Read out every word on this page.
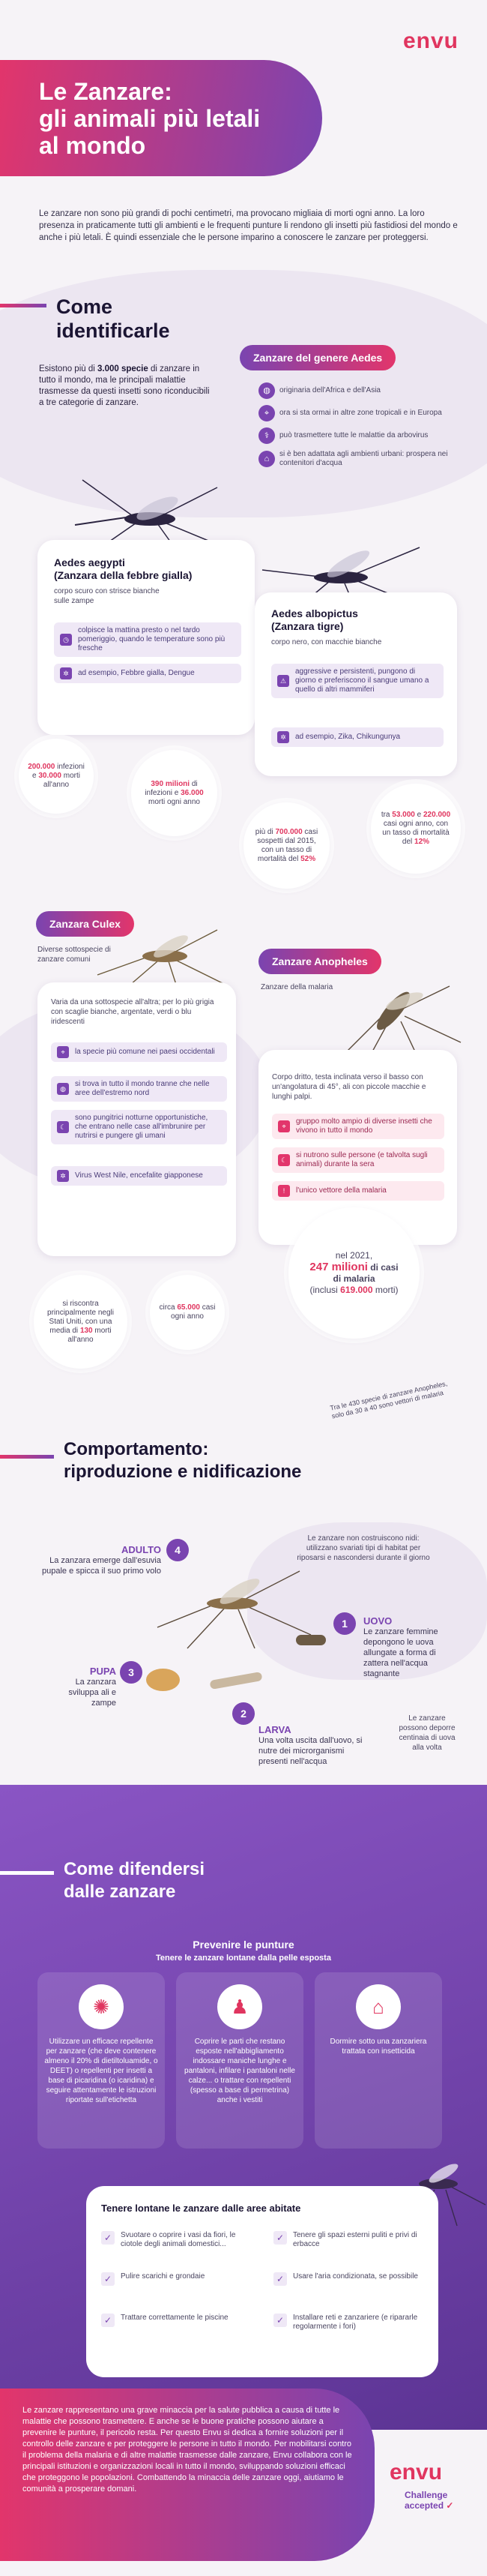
envu
Le Zanzare:
gli animali più letali
al mondo

Le zanzare non sono più grandi di pochi centimetri, ma provocano migliaia di morti ogni anno. La loro presenza in praticamente tutti gli ambienti e le frequenti punture li rendono gli insetti più fastidiosi del mondo e anche i più letali. È quindi essenziale che le persone imparino a conoscere le zanzare per proteggersi.

Come
identificarle

Esistono più di 3.000 specie di zanzare in tutto il mondo, ma le principali malattie trasmesse da questi insetti sono riconducibili a tre categorie di zanzare.

Zanzare del genere Aedes
◍	originaria dell'Africa e dell'Asia
⌖	ora si sta ormai in altre zone tropicali e in Europa
⚕	può trasmettere tutte le malattie da arbovirus
⌂
si è ben adattata agli ambienti urbani: prospera nei contenitori d'acqua
Aedes aegypti
(Zanzara della febbre gialla)
corpo scuro con strisce bianche sulle zampe
◷
colpisce la mattina presto o nel tardo pomeriggio, quando le temperature sono più fresche
✲	ad esempio, Febbre gialla, Dengue
200.000 infezioni e 30.000 morti all'anno	390 milioni di infezioni e 36.000 morti ogni anno
Aedes albopictus
(Zanzara tigre)
corpo nero, con macchie bianche
⚠
aggressive e persistenti, pungono di giorno e preferiscono il sangue umano a quello di altri mammiferi
✲	ad esempio, Zika, Chikungunya
più di 700.000 casi sospetti dal 2015, con un tasso di mortalità del 52%
tra 53.000 e 220.000 casi ogni anno, con un tasso di mortalità del 12%
Zanzara Culex
Diverse sottospecie di zanzare comuni
Varia da una sottospecie all'altra; per lo più grigia con scaglie bianche, argentate, verdi o blu iridescenti
⌖	la specie più comune nei paesi occidentali
◍
si trova in tutto il mondo tranne che nelle aree dell'estremo nord
☾
sono pungitrici notturne opportunistiche, che entrano nelle case all'imbrunire per nutrirsi e pungere gli umani
✲	Virus West Nile, encefalite giapponese
si riscontra principalmente negli Stati Uniti, con una media di 130 morti all'anno
circa 65.000 casi ogni anno
Zanzare Anopheles
Zanzare della malaria
Corpo dritto, testa inclinata verso il basso con un'angolatura di 45°, ali con piccole macchie e lunghi palpi.
⌖
gruppo molto ampio di diverse insetti che vivono in tutto il mondo
☾
si nutrono sulle persone (e talvolta sugli animali) durante la sera
!	l'unico vettore della malaria
nel 2021,
247 milioni di casi
di malaria
(inclusi 619.000 morti)
Tra le 430 specie di zanzare Anopheles, solo da 30 a 40 sono vettori di malaria
Comportamento:
riproduzione e nidificazione
Le zanzare non costruiscono nidi: utilizzano svariati tipi di habitat per riposarsi e nascondersi durante il giorno
4
ADULTO
La zanzara emerge dall'esuvia pupale e spiccа il suo primo volo
1	UOVO
Le zanzare femmine depongono le uova allungate a forma di zattera nell'acqua stagnante
3
PUPA
La zanzara sviluppa ali e zampe
2
LARVA
Una volta uscita dall'uovo, si nutre dei microrganismi presenti nell'acqua
Le zanzare possono deporre centinaia di uova alla volta
Come difendersi
dalle zanzare
Prevenire le punture
Tenere le zanzare lontane dalla pelle esposta
✺
Utilizzare un efficace repellente per zanzare (che deve contenere almeno il 20% di dietiltoluamide, o DEET) o repellenti per insetti a base di picaridina (o icaridina) e seguire attentamente le istruzioni riportate sull'etichetta
♟
Coprire le parti che restano esposte nell'abbigliamento indossare maniche lunghe e pantaloni, infilare i pantaloni nelle calze... o trattare con repellenti (spesso a base di permetrina) anche i vestiti
⌂
Dormire sotto una zanzariera trattata con insetticida
Tenere lontane le zanzare dalle aree abitate
✓	Svuotare o coprire i vasi da fiori, le ciotole degli animali domestici...
✓	Pulire scarichi e grondaie
✓	Trattare correttamente le piscine
✓	Tenere gli spazi esterni puliti e privi di erbacce
✓	Usare l'aria condizionata, se possibile
✓	Installare reti e zanzariere (e ripararle regolarmente i fori)

Le zanzare rappresentano una grave minaccia per la salute pubblica a causa di tutte le malattie che possono trasmettere. E anche se le buone pratiche possono aiutare a prevenire le punture, il pericolo resta. Per questo Envu si dedica a fornire soluzioni per il controllo delle zanzare e per proteggere le persone in tutto il mondo. Per mobilitarsi contro il problema della malaria e di altre malattie trasmesse dalle zanzare, Envu collabora con le principali istituzioni e organizzazioni locali in tutto il mondo, sviluppando soluzioni efficaci che proteggono le popolazioni. Combattendo la minaccia delle zanzare oggi, aiutiamo le comunità a prosperare domani.

envu
Challenge accepted ✓
